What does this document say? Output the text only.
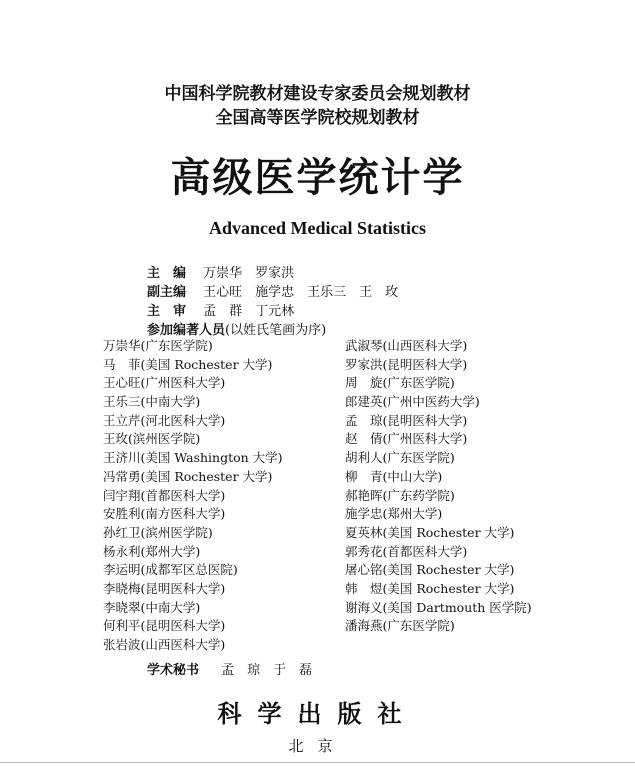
中国科学院教材建设专家委员会规划教材
全国高等医学院校规划教材
高级医学统计学
Advanced Medical Statistics
主　编 万崇华　罗家洪
副主编 王心旺　施学忠　王乐三　王　玫
主　审 孟　群　丁元林
参加编著人员(以姓氏笔画为序)
万崇华(广东医学院)
马　菲(美国 Rochester 大学)
王心旺(广州医科大学)
王乐三(中南大学)
王立芹(河北医科大学)
王玫(滨州医学院)
王济川(美国 Washington 大学)
冯常勇(美国 Rochester 大学)
闫宇翔(首都医科大学)
安胜利(南方医科大学)
孙红卫(滨州医学院)
杨永利(郑州大学)
李运明(成都军区总医院)
李晓梅(昆明医科大学)
李晓翠(中南大学)
何利平(昆明医科大学)
张岩波(山西医科大学)
武淑琴(山西医科大学)
罗家洪(昆明医科大学)
周　旋(广东医学院)
郎建英(广州中医药大学)
孟　琼(昆明医科大学)
赵　倩(广州医科大学)
胡利人(广东医学院)
柳　青(中山大学)
郝艳晖(广东药学院)
施学忠(郑州大学)
夏英林(美国 Rochester 大学)
郭秀花(首都医科大学)
屠心铭(美国 Rochester 大学)
韩　煜(美国 Rochester 大学)
谢海义(美国 Dartmouth 医学院)
潘海燕(广东医学院)
学术秘书 孟　琼　于　磊
科学出版社
北京
